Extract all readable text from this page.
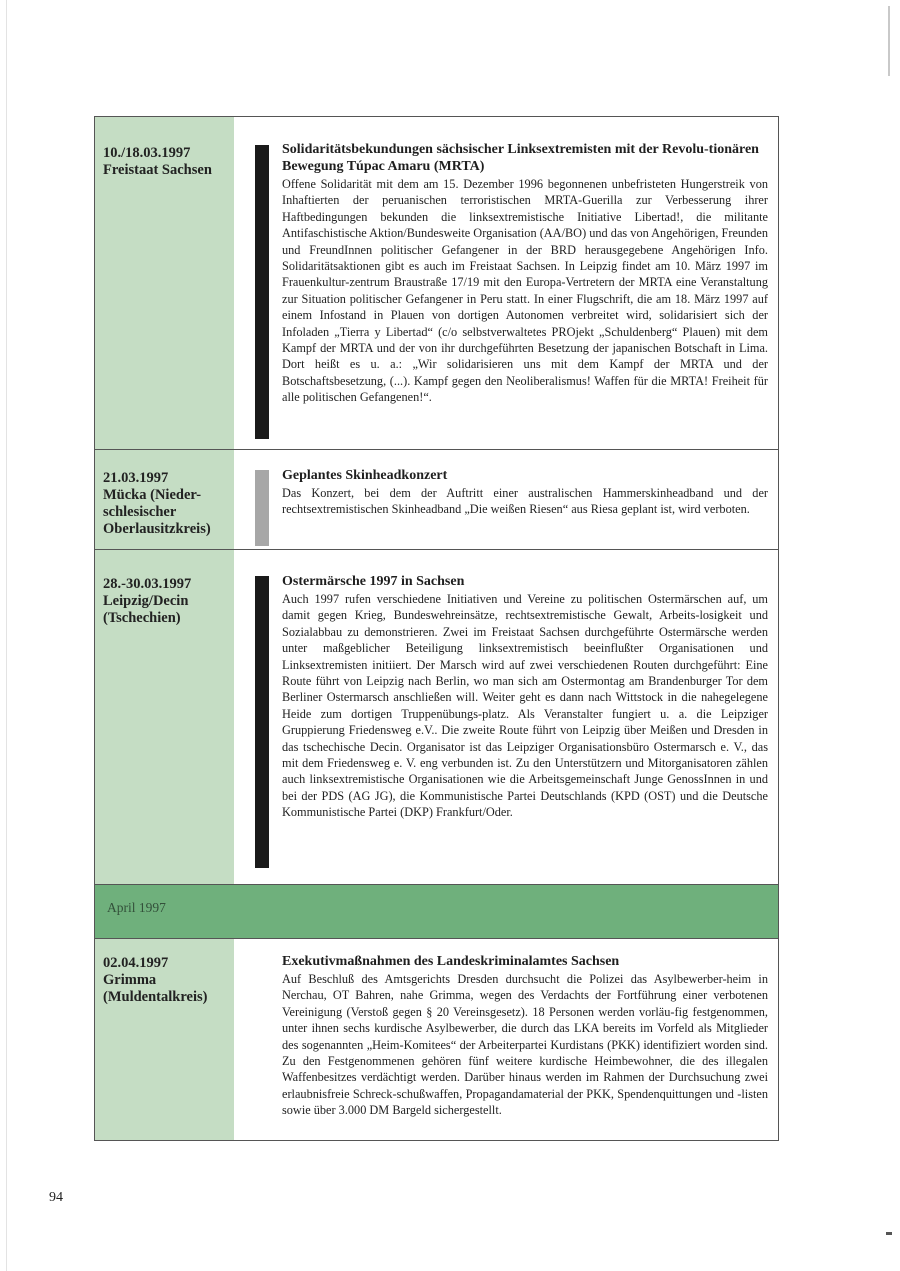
10./18.03.1997
Freistaat Sachsen
Solidaritätsbekundungen sächsischer Linksextremisten mit der Revolu-tionären Bewegung Túpac Amaru (MRTA)

Offene Solidarität mit dem am 15. Dezember 1996 begonnenen unbefristeten Hungerstreik von Inhaftierten der peruanischen terroristischen MRTA-Guerilla zur Verbesserung ihrer Haftbedingungen bekunden die linksextremistische Initiative Libertad!, die militante Antifaschistische Aktion/Bundesweite Organisation (AA/BO) und das von Angehörigen, Freunden und FreundInnen politischer Gefangener in der BRD herausgegebene Angehörigen Info. Solidaritätsaktionen gibt es auch im Freistaat Sachsen. In Leipzig findet am 10. März 1997 im Frauenkultur-zentrum Braustraße 17/19 mit den Europa-Vertretern der MRTA eine Veranstaltung zur Situation politischer Gefangener in Peru statt. In einer Flugschrift, die am 18. März 1997 auf einem Infostand in Plauen von dortigen Autonomen verbreitet wird, solidarisiert sich der Infoladen „Tierra y Libertad“ (c/o selbstverwaltetes PROjekt „Schuldenberg“ Plauen) mit dem Kampf der MRTA und der von ihr durchgeführten Besetzung der japanischen Botschaft in Lima. Dort heißt es u. a.: „Wir solidarisieren uns mit dem Kampf der MRTA und der Botschaftsbesetzung, (...). Kampf gegen den Neoliberalismus! Waffen für die MRTA! Freiheit für alle politischen Gefangenen!“.

21.03.1997
Mücka (Nieder-
schlesischer
Oberlausitzkreis)
Geplantes Skinheadkonzert

Das Konzert, bei dem der Auftritt einer australischen Hammerskinheadband und der rechtsextremistischen Skinheadband „Die weißen Riesen“ aus Riesa geplant ist, wird verboten.

28.-30.03.1997
Leipzig/Decin
(Tschechien)
Ostermärsche 1997 in Sachsen

Auch 1997 rufen verschiedene Initiativen und Vereine zu politischen Ostermärschen auf, um damit gegen Krieg, Bundeswehreinsätze, rechtsextremistische Gewalt, Arbeits-losigkeit und Sozialabbau zu demonstrieren. Zwei im Freistaat Sachsen durchgeführte Ostermärsche werden unter maßgeblicher Beteiligung linksextremistisch beeinflußter Organisationen und Linksextremisten initiiert. Der Marsch wird auf zwei verschiedenen Routen durchgeführt: Eine Route führt von Leipzig nach Berlin, wo man sich am Ostermontag am Brandenburger Tor dem Berliner Ostermarsch anschließen will. Weiter geht es dann nach Wittstock in die nahegelegene Heide zum dortigen Truppenübungs-platz. Als Veranstalter fungiert u. a. die Leipziger Gruppierung Friedensweg e.V.. Die zweite Route führt von Leipzig über Meißen und Dresden in das tschechische Decin. Organisator ist das Leipziger Organisationsbüro Ostermarsch e. V., das mit dem Friedensweg e. V. eng verbunden ist. Zu den Unterstützern und Mitorganisatoren zählen auch linksextremistische Organisationen wie die Arbeitsgemeinschaft Junge GenossInnen in und bei der PDS (AG JG), die Kommunistische Partei Deutschlands (KPD (OST) und die Deutsche Kommunistische Partei (DKP) Frankfurt/Oder.

April 1997
02.04.1997
Grimma
(Muldentalkreis)
Exekutivmaßnahmen des Landeskriminalamtes Sachsen

Auf Beschluß des Amtsgerichts Dresden durchsucht die Polizei das Asylbewerber-heim in Nerchau, OT Bahren, nahe Grimma, wegen des Verdachts der Fortführung einer verbotenen Vereinigung (Verstoß gegen § 20 Vereinsgesetz). 18 Personen werden vorläu-fig festgenommen, unter ihnen sechs kurdische Asylbewerber, die durch das LKA bereits im Vorfeld als Mitglieder des sogenannten „Heim-Komitees“ der Arbeiterpartei Kurdistans (PKK) identifiziert worden sind. Zu den Festgenommenen gehören fünf weitere kurdische Heimbewohner, die des illegalen Waffenbesitzes verdächtigt werden. Darüber hinaus werden im Rahmen der Durchsuchung zwei erlaubnisfreie Schreck-schußwaffen, Propagandamaterial der PKK, Spendenquittungen und -listen sowie über 3.000 DM Bargeld sichergestellt.

94
